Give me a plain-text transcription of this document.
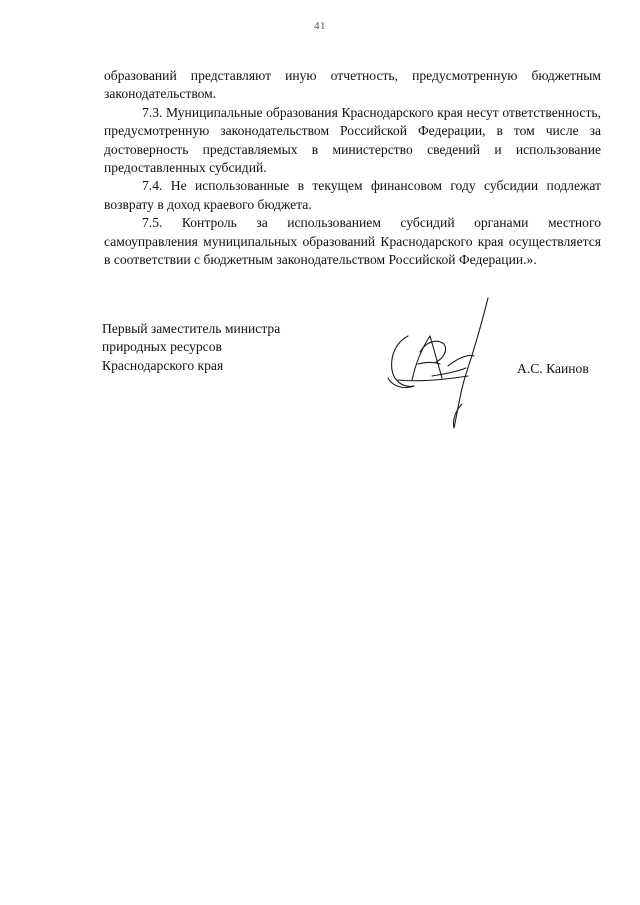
41

образований представляют иную отчетность, предусмотренную бюджетным законодательством.

7.3. Муниципальные образования Краснодарского края несут ответственность, предусмотренную законодательством Российской Федерации, в том числе за достоверность представляемых в министерство сведений и использование предоставленных субсидий.

7.4. Не использованные в текущем финансовом году субсидии подлежат возврату в доход краевого бюджета.

7.5. Контроль за использованием субсидий органами местного самоуправления муниципальных образований Краснодарского края осуществляется в соответствии с бюджетным законодательством Российской Федерации.».

Первый заместитель министра
природных ресурсов
Краснодарского края	А.С. Каинов
